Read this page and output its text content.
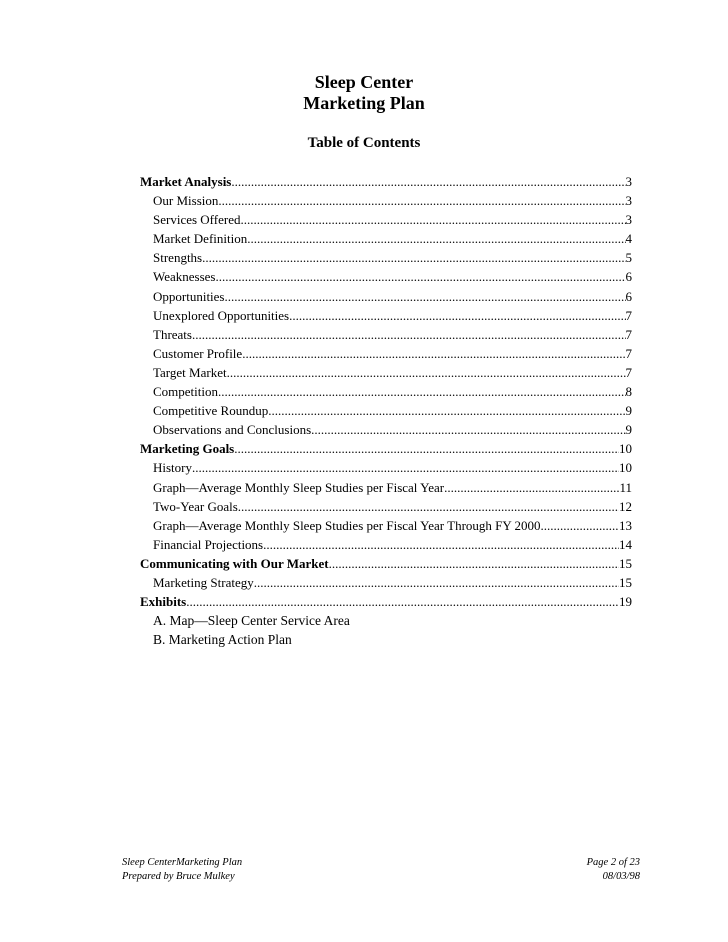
Sleep Center
Marketing Plan
Table of Contents
Market Analysis .....	3
Our Mission .....	3
Services Offered .....	3
Market Definition .....	4
Strengths .....	5
Weaknesses .....	6
Opportunities .....	6
Unexplored Opportunities .....	7
Threats .....	7
Customer Profile .....	7
Target Market .....	7
Competition .....	8
Competitive Roundup .....	9
Observations and Conclusions .....	9
Marketing Goals .....	10
History .....	10
Graph—Average Monthly Sleep Studies per Fiscal Year .....	11
Two-Year Goals .....	12
Graph—Average Monthly Sleep Studies per Fiscal Year Through FY 2000 .....	13
Financial Projections .....	14
Communicating with Our Market .....	15
Marketing Strategy .....	15
Exhibits .....	19
A. Map—Sleep Center Service Area
B. Marketing Action Plan
Sleep CenterMarketing Plan	Page 2 of 23
Prepared by Bruce Mulkey	08/03/98
